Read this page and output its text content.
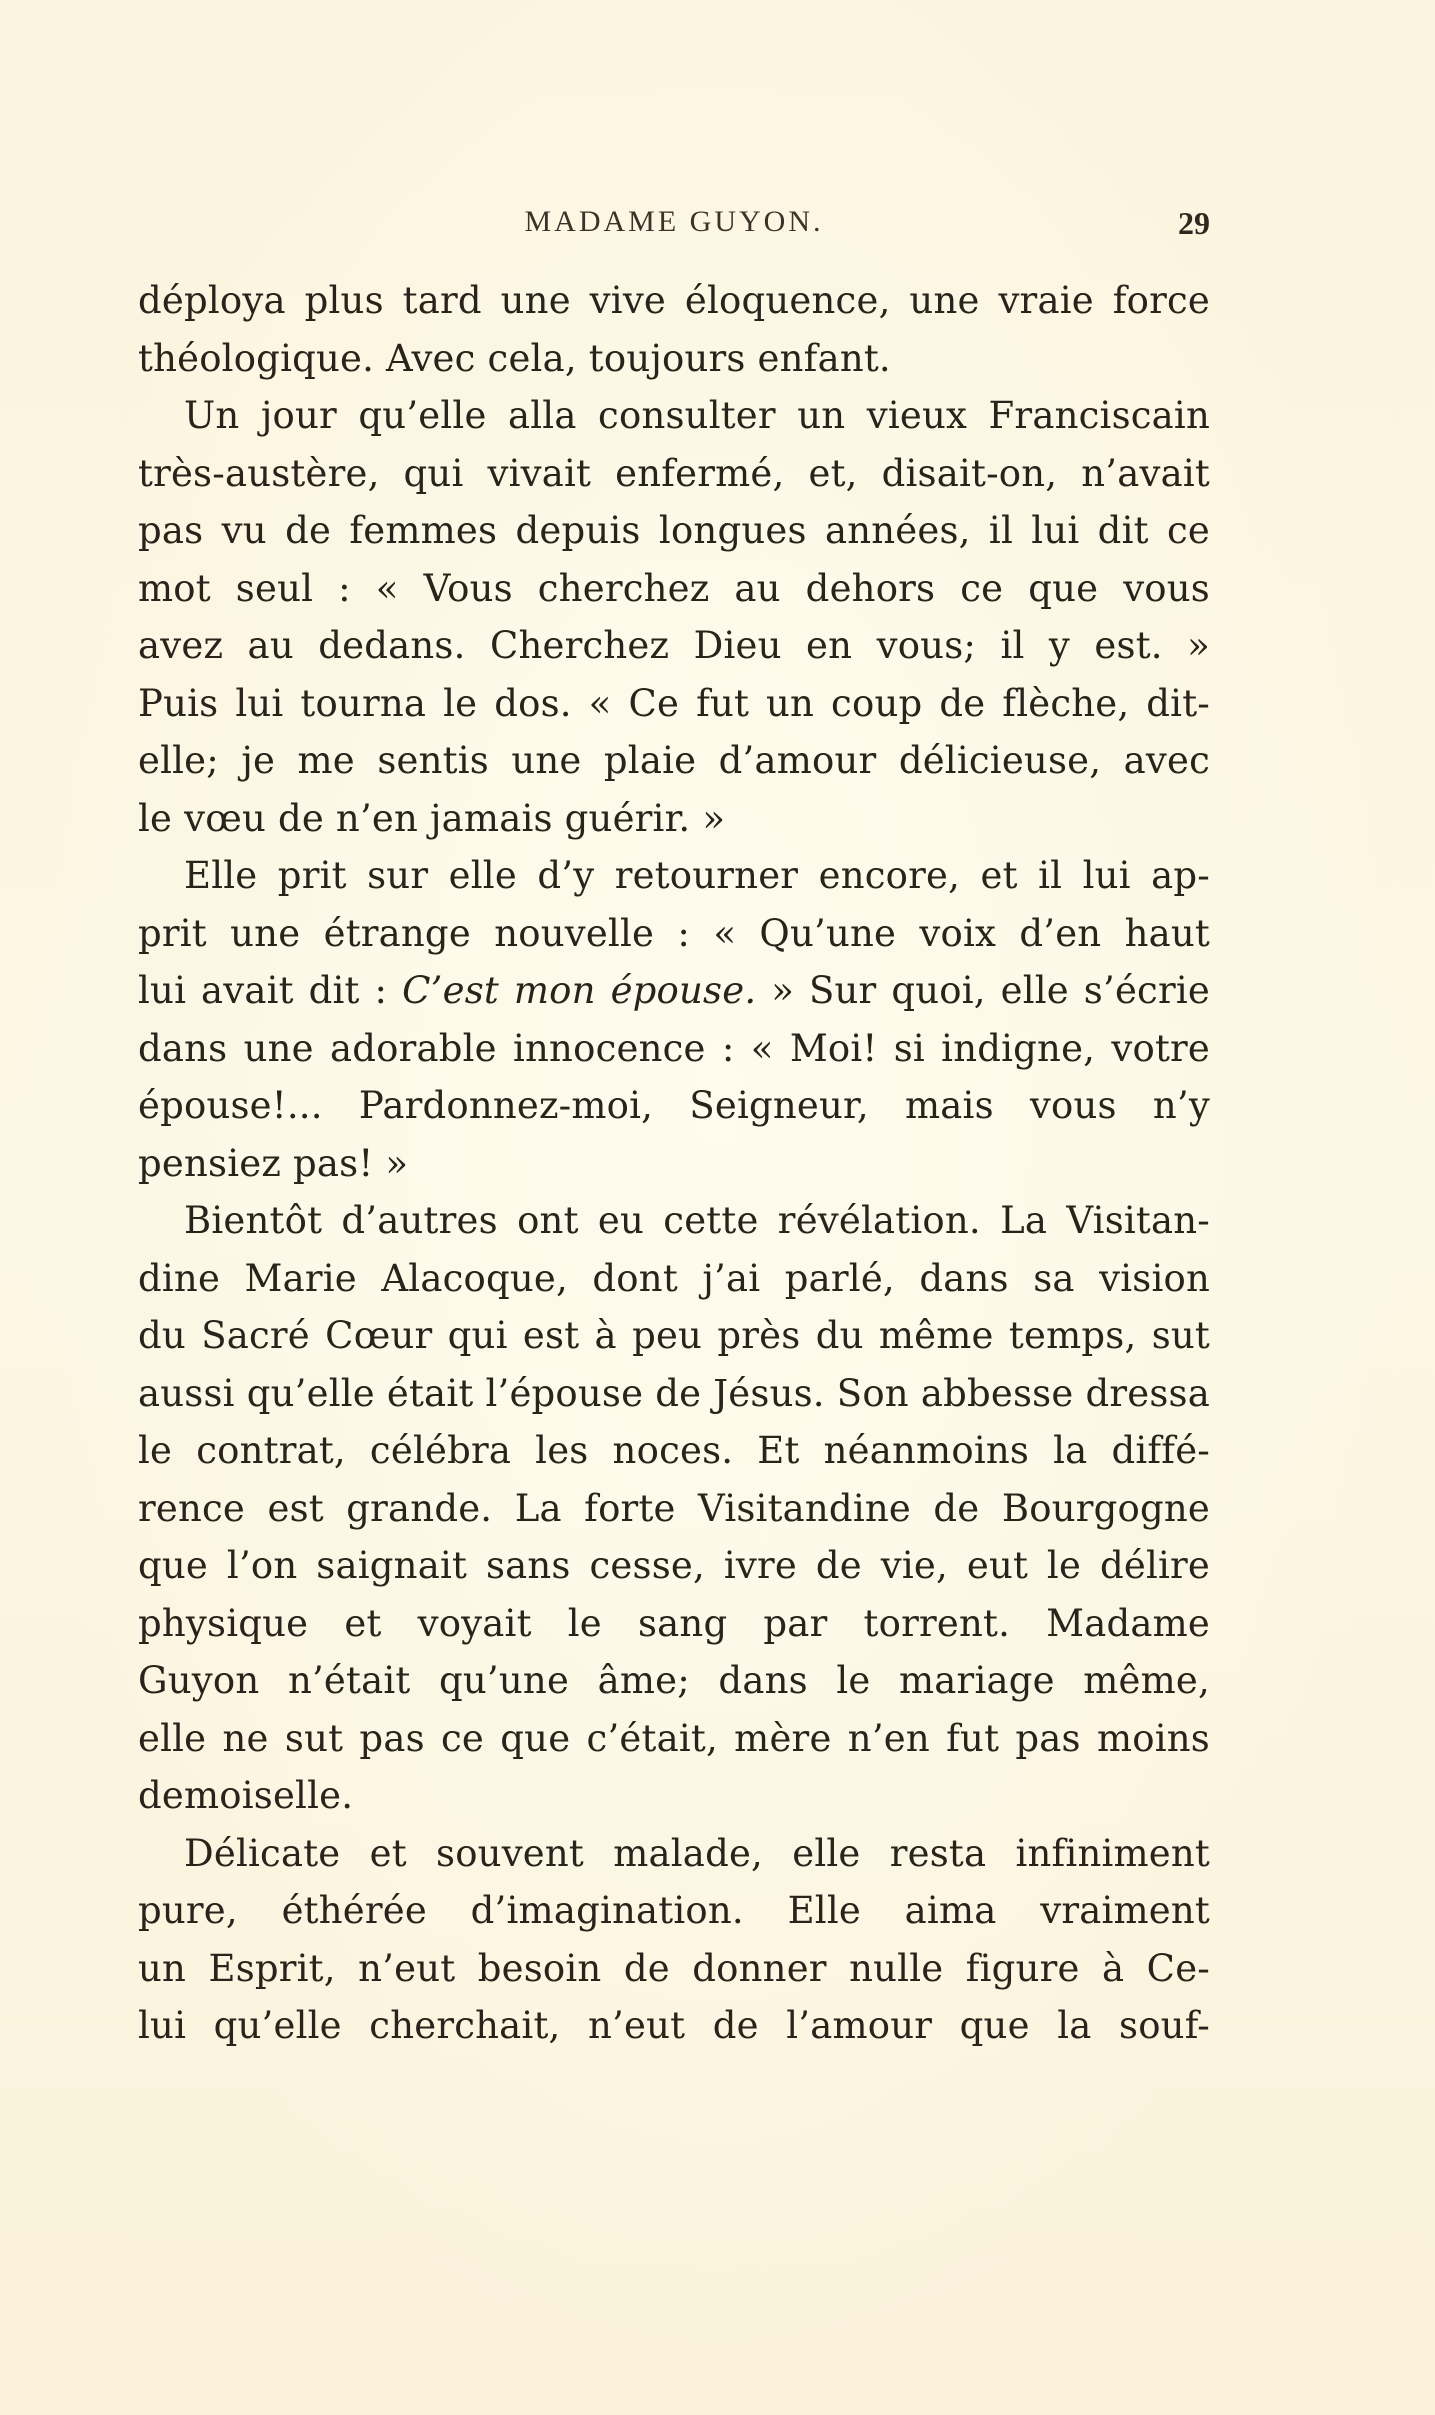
MADAME GUYON.	29
déploya plus tard une vive éloquence, une vraie force
théologique. Avec cela, toujours enfant.
Un jour qu’elle alla consulter un vieux Franciscain
très-austère, qui vivait enfermé, et, disait-on, n’avait
pas vu de femmes depuis longues années, il lui dit ce
mot seul : « Vous cherchez au dehors ce que vous
avez au dedans. Cherchez Dieu en vous; il y est. »
Puis lui tourna le dos. « Ce fut un coup de flèche, dit-
elle; je me sentis une plaie d’amour délicieuse, avec
le vœu de n’en jamais guérir. »
Elle prit sur elle d’y retourner encore, et il lui ap-
prit une étrange nouvelle : « Qu’une voix d’en haut
lui avait dit : C’est mon épouse. » Sur quoi, elle s’écrie
dans une adorable innocence : « Moi! si indigne, votre
épouse!... Pardonnez-moi, Seigneur, mais vous n’y
pensiez pas! »
Bientôt d’autres ont eu cette révélation. La Visitan-
dine Marie Alacoque, dont j’ai parlé, dans sa vision
du Sacré Cœur qui est à peu près du même temps, sut
aussi qu’elle était l’épouse de Jésus. Son abbesse dressa
le contrat, célébra les noces. Et néanmoins la diffé-
rence est grande. La forte Visitandine de Bourgogne
que l’on saignait sans cesse, ivre de vie, eut le délire
physique et voyait le sang par torrent. Madame
Guyon n’était qu’une âme; dans le mariage même,
elle ne sut pas ce que c’était, mère n’en fut pas moins
demoiselle.
Délicate et souvent malade, elle resta infiniment
pure, éthérée d’imagination. Elle aima vraiment
un Esprit, n’eut besoin de donner nulle figure à Ce-
lui qu’elle cherchait, n’eut de l’amour que la souf-
